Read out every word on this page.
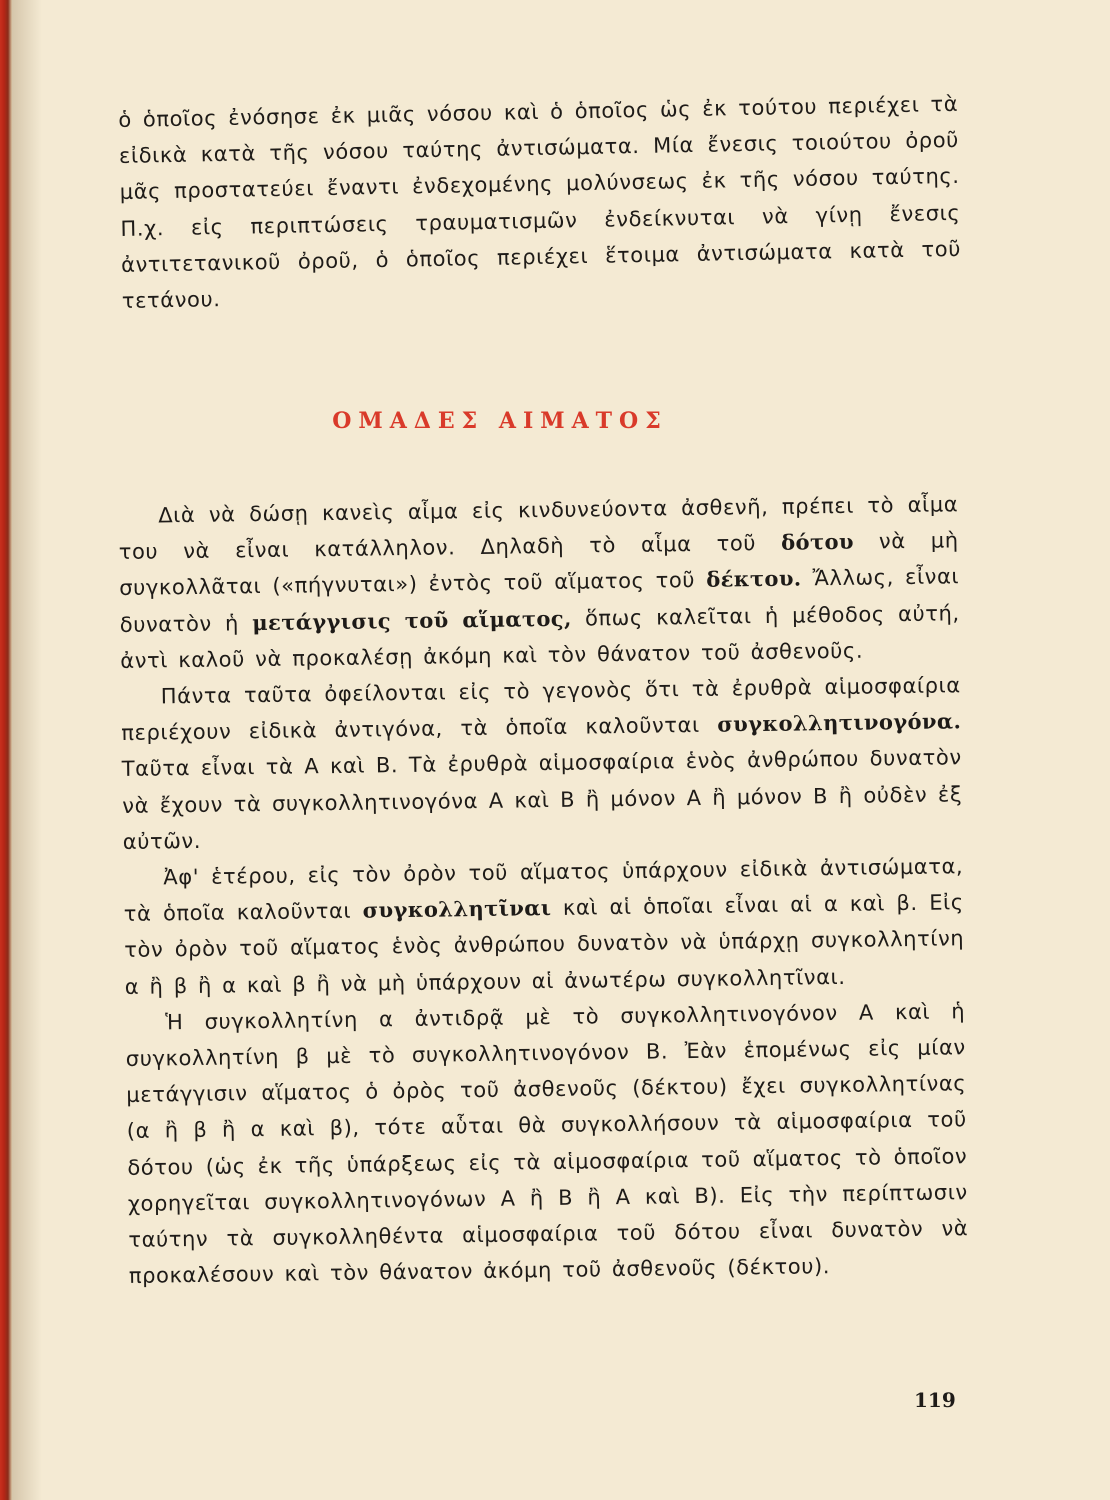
ὁ ὁποῖος ἐνόσησε ἐκ μιᾶς νόσου καὶ ὁ ὁποῖος ὡς ἐκ τούτου περιέχει τὰ εἰδικὰ κατὰ τῆς νόσου ταύτης ἀντισώματα. Μία ἔνεσις τοιούτου ὀροῦ μᾶς προστατεύει ἔναντι ἐνδεχομένης μολύνσεως ἐκ τῆς νόσου ταύτης. Π.χ. εἰς περιπτώσεις τραυματισμῶν ἐνδείκνυται νὰ γίνῃ ἔνεσις ἀντιτετανικοῦ ὀροῦ, ὁ ὁποῖος περιέχει ἕτοιμα ἀντισώματα κατὰ τοῦ τετάνου.

ΟΜΑΔΕΣ ΑΙΜΑΤΟΣ

Διὰ νὰ δώσῃ κανεὶς αἷμα εἰς κινδυνεύοντα ἀσθενῆ, πρέπει τὸ αἷμα του νὰ εἶναι κατάλληλον. Δηλαδὴ τὸ αἷμα τοῦ δότου νὰ μὴ συγκολλᾶται («πήγνυται») ἐντὸς τοῦ αἵματος τοῦ δέκτου. Ἄλλως, εἶναι δυνατὸν ἡ μετάγγισις τοῦ αἵματος, ὅπως καλεῖται ἡ μέθοδος αὐτή, ἀντὶ καλοῦ νὰ προκαλέσῃ ἀκόμη καὶ τὸν θάνατον τοῦ ἀσθενοῦς.

Πάντα ταῦτα ὀφείλονται εἰς τὸ γεγονὸς ὅτι τὰ ἐρυθρὰ αἱμοσφαίρια περιέχουν εἰδικὰ ἀντιγόνα, τὰ ὁποῖα καλοῦνται συγκολλητινογόνα. Ταῦτα εἶναι τὰ Α καὶ Β. Τὰ ἐρυθρὰ αἱμοσφαίρια ἑνὸς ἀνθρώπου δυνατὸν νὰ ἔχουν τὰ συγκολλητινογόνα Α καὶ Β ἢ μόνον Α ἢ μόνον Β ἢ οὐδὲν ἐξ αὐτῶν.

Ἀφ' ἑτέρου, εἰς τὸν ὀρὸν τοῦ αἵματος ὑπάρχουν εἰδικὰ ἀντισώματα, τὰ ὁποῖα καλοῦνται συγκολλητῖναι καὶ αἱ ὁποῖαι εἶναι αἱ α καὶ β. Εἰς τὸν ὀρὸν τοῦ αἵματος ἑνὸς ἀνθρώπου δυνατὸν νὰ ὑπάρχῃ συγκολλητίνη α ἢ β ἢ α καὶ β ἢ νὰ μὴ ὑπάρχουν αἱ ἀνωτέρω συγκολλητῖναι.

Ἡ συγκολλητίνη α ἀντιδρᾷ μὲ τὸ συγκολλητινογόνον Α καὶ ἡ συγκολλητίνη β μὲ τὸ συγκολλητινογόνον Β. Ἐὰν ἑπομένως εἰς μίαν μετάγγισιν αἵματος ὁ ὀρὸς τοῦ ἀσθενοῦς (δέκτου) ἔχει συγκολλητίνας (α ἢ β ἢ α καὶ β), τότε αὗται θὰ συγκολλήσουν τὰ αἱμοσφαίρια τοῦ δότου (ὡς ἐκ τῆς ὑπάρξεως εἰς τὰ αἱμοσφαίρια τοῦ αἵματος τὸ ὁποῖον χορηγεῖται συγκολλητινογόνων Α ἢ Β ἢ Α καὶ Β). Εἰς τὴν περίπτωσιν ταύτην τὰ συγκολληθέντα αἱμοσφαίρια τοῦ δότου εἶναι δυνατὸν νὰ προκαλέσουν καὶ τὸν θάνατον ἀκόμη τοῦ ἀσθενοῦς (δέκτου).

119
